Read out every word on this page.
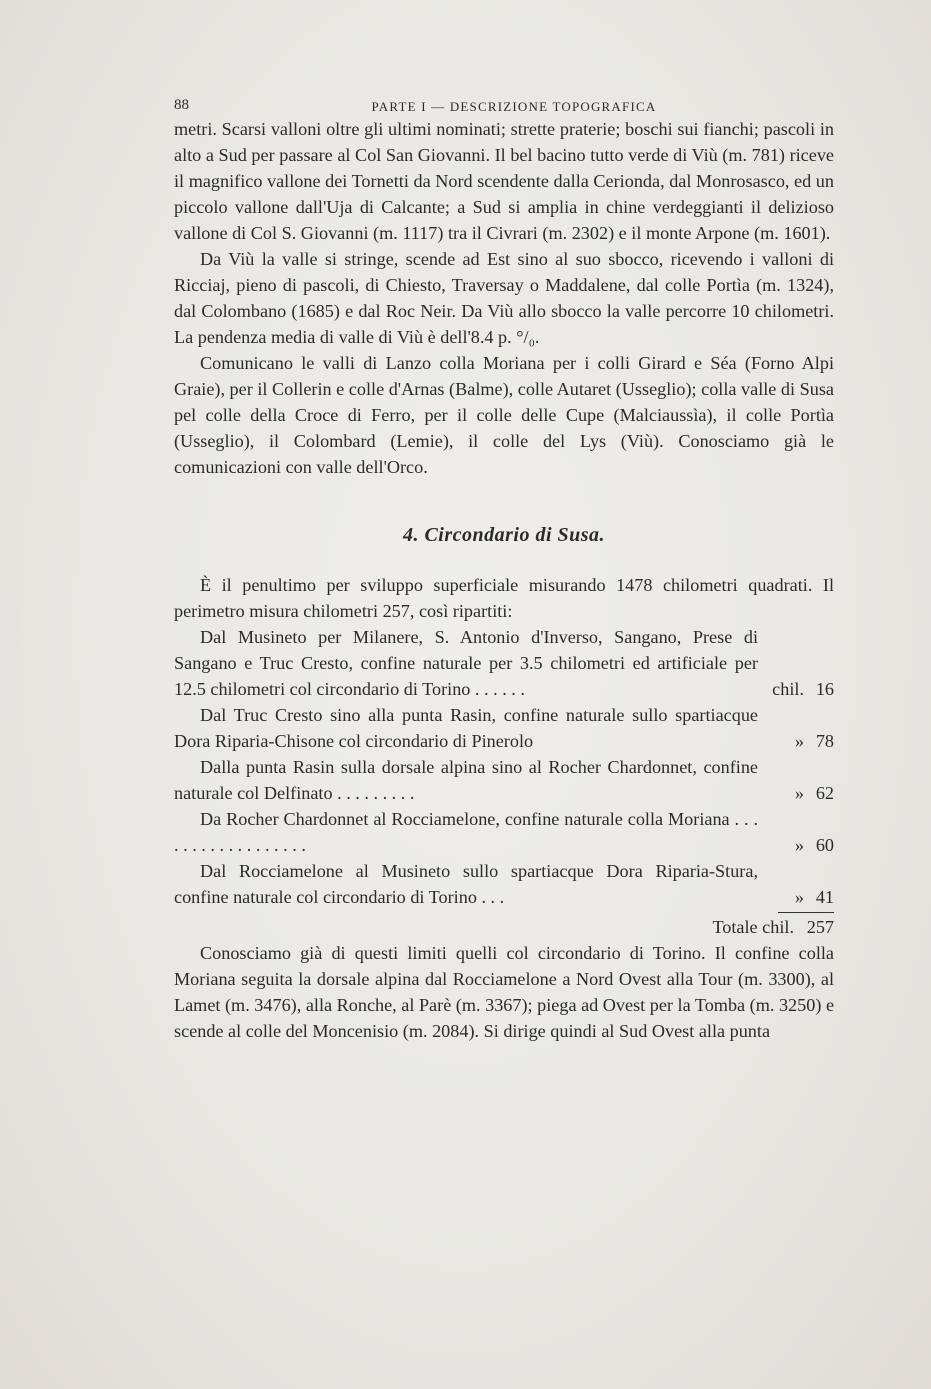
88	PARTE I — DESCRIZIONE TOPOGRAFICA

metri. Scarsi valloni oltre gli ultimi nominati; strette praterie; boschi sui fianchi; pascoli in alto a Sud per passare al Col San Giovanni. Il bel bacino tutto verde di Viù (m. 781) riceve il magnifico vallone dei Tornetti da Nord scendente dalla Cerionda, dal Monrosasco, ed un piccolo vallone dall'Uja di Calcante; a Sud si amplia in chine verdeggianti il delizioso vallone di Col S. Giovanni (m. 1117) tra il Civrari (m. 2302) e il monte Arpone (m. 1601).

Da Viù la valle si stringe, scende ad Est sino al suo sbocco, ricevendo i valloni di Ricciaj, pieno di pascoli, di Chiesto, Traversay o Maddalene, dal colle Portìa (m. 1324), dal Colombano (1685) e dal Roc Neir. Da Viù allo sbocco la valle percorre 10 chilometri. La pendenza media di valle di Viù è dell'8.4 p. °/₀.

Comunicano le valli di Lanzo colla Moriana per i colli Girard e Séa (Forno Alpi Graie), per il Collerin e colle d'Arnas (Balme), colle Autaret (Usseglio); colla valle di Susa pel colle della Croce di Ferro, per il colle delle Cupe (Malciaussìa), il colle Portìa (Usseglio), il Colombard (Lemie), il colle del Lys (Viù). Conosciamo già le comunicazioni con valle dell'Orco.

4. Circondario di Susa.

È il penultimo per sviluppo superficiale misurando 1478 chilometri quadrati. Il perimetro misura chilometri 257, così ripartiti:

Dal Musineto per Milanere, S. Antonio d'Inverso, Sangano, Prese di Sangano e Truc Cresto, confine naturale per 3.5 chilometri ed artificiale per 12.5 chilometri col circondario di Torino . . . . . .	chil. 16
Dal Truc Cresto sino alla punta Rasin, confine naturale sullo spartiacque Dora Riparia-Chisone col circondario di Pinerolo	» 78
Dalla punta Rasin sulla dorsale alpina sino al Rocher Chardonnet, confine naturale col Delfinato . . . . . . . . .	» 62
Da Rocher Chardonnet al Rocciamelone, confine naturale colla Moriana . . . . . . . . . . . . . . . . . .	» 60
Dal Rocciamelone al Musineto sullo spartiacque Dora Riparia-Stura, confine naturale col circondario di Torino . . .	» 41
Totale chil. 257

Conosciamo già di questi limiti quelli col circondario di Torino. Il confine colla Moriana seguita la dorsale alpina dal Rocciamelone a Nord Ovest alla Tour (m. 3300), al Lamet (m. 3476), alla Ronche, al Parè (m. 3367); piega ad Ovest per la Tomba (m. 3250) e scende al colle del Moncenisio (m. 2084). Si dirige quindi al Sud Ovest alla punta
